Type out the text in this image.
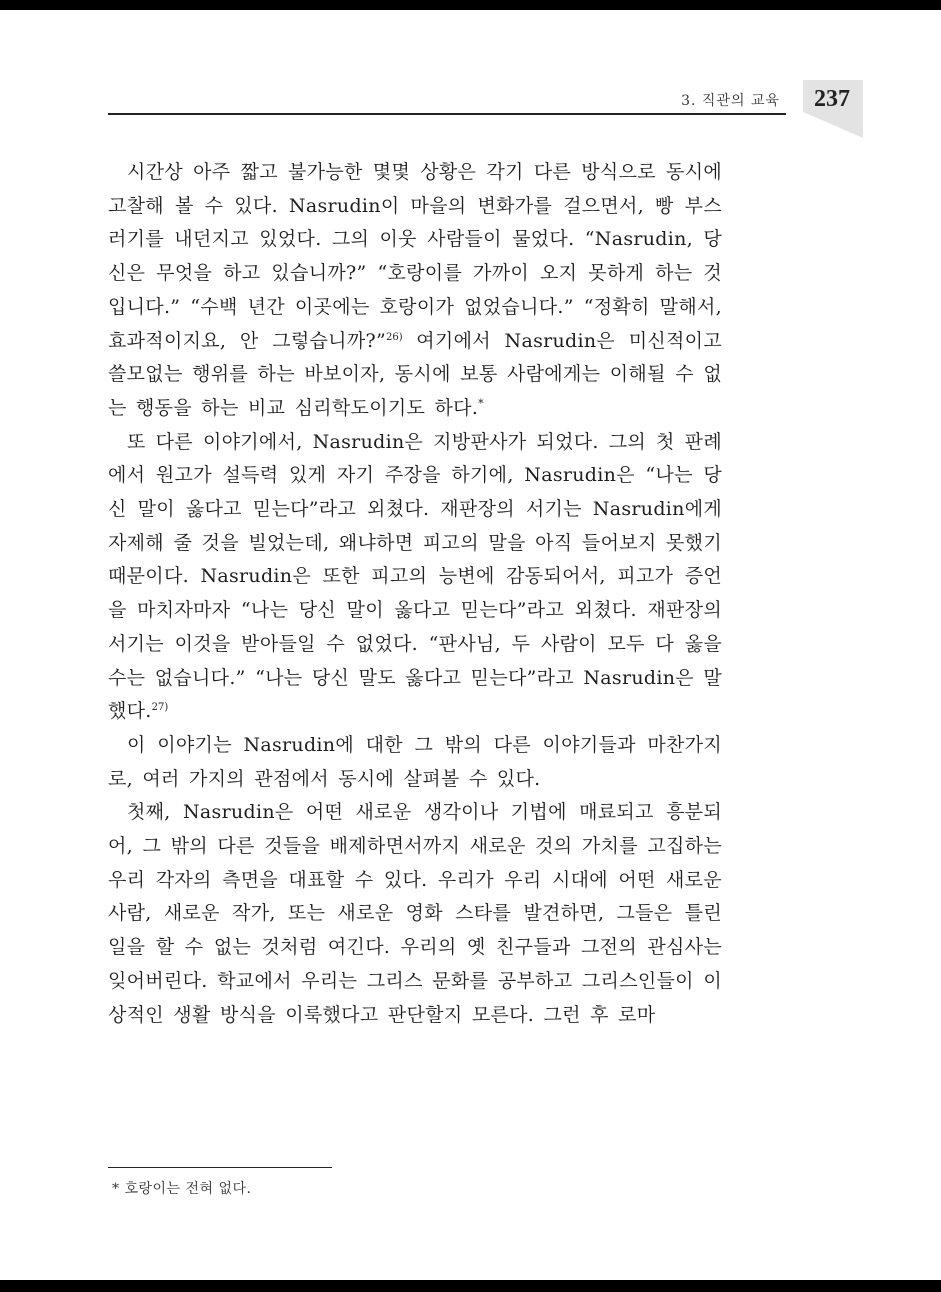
3. 직관의 교육	237

시간상 아주 짧고 불가능한 몇몇 상황은 각기 다른 방식으로 동시에 고찰해 볼 수 있다. Nasrudin이 마을의 변화가를 걸으면서, 빵 부스러기를 내던지고 있었다. 그의 이웃 사람들이 물었다. “Nasrudin, 당신은 무엇을 하고 있습니까?” “호랑이를 가까이 오지 못하게 하는 것입니다.” “수백 년간 이곳에는 호랑이가 없었습니다.” “정확히 말해서, 효과적이지요, 안 그렇습니까?”$^{26)}$ 여기에서 Nasrudin은 미신적이고 쓸모없는 행위를 하는 바보이자, 동시에 보통 사람에게는 이해될 수 없는 행동을 하는 비교 심리학도이기도 하다.*

또 다른 이야기에서, Nasrudin은 지방판사가 되었다. 그의 첫 판례에서 원고가 설득력 있게 자기 주장을 하기에, Nasrudin은 “나는 당신 말이 옳다고 믿는다”라고 외쳤다. 재판장의 서기는 Nasrudin에게 자제해 줄 것을 빌었는데, 왜냐하면 피고의 말을 아직 들어보지 못했기 때문이다. Nasrudin은 또한 피고의 능변에 감동되어서, 피고가 증언을 마치자마자 “나는 당신 말이 옳다고 믿는다”라고 외쳤다. 재판장의 서기는 이것을 받아들일 수 없었다. “판사님, 두 사람이 모두 다 옳을 수는 없습니다.” “나는 당신 말도 옳다고 믿는다”라고 Nasrudin은 말했다.$^{27)}$

이 이야기는 Nasrudin에 대한 그 밖의 다른 이야기들과 마찬가지로, 여러 가지의 관점에서 동시에 살펴볼 수 있다.

첫째, Nasrudin은 어떤 새로운 생각이나 기법에 매료되고 흥분되어, 그 밖의 다른 것들을 배제하면서까지 새로운 것의 가치를 고집하는 우리 각자의 측면을 대표할 수 있다. 우리가 우리 시대에 어떤 새로운 사람, 새로운 작가, 또는 새로운 영화 스타를 발견하면, 그들은 틀린 일을 할 수 없는 것처럼 여긴다. 우리의 옛 친구들과 그전의 관심사는 잊어버린다. 학교에서 우리는 그리스 문화를 공부하고 그리스인들이 이상적인 생활 방식을 이룩했다고 판단할지 모른다. 그런 후 로마

* 호랑이는 전혀 없다.
